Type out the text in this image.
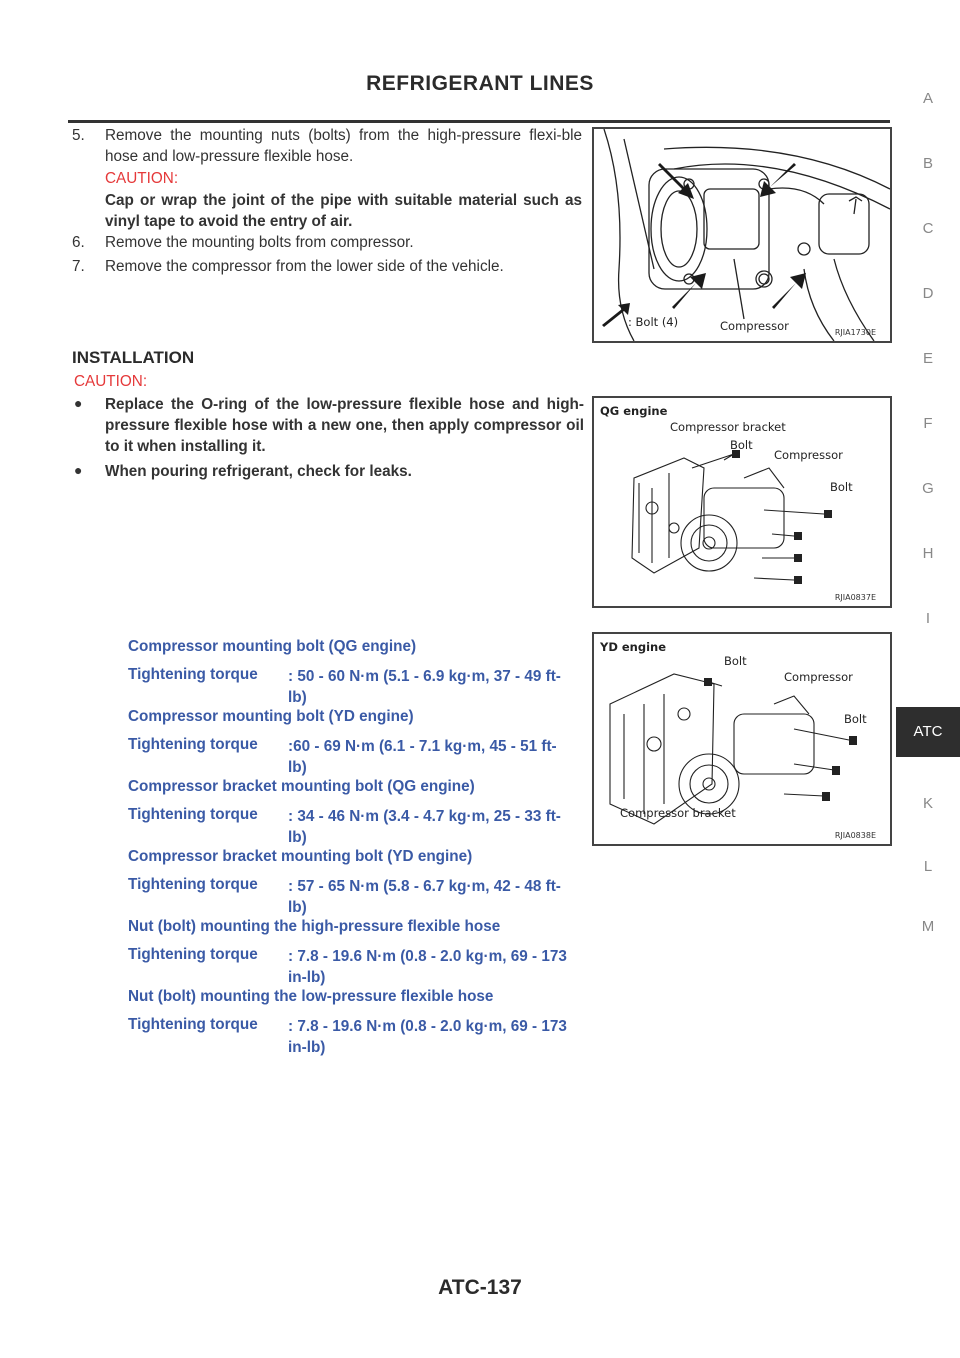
REFRIGERANT LINES
5.	Remove the mounting nuts (bolts) from the high-pressure flexi-ble hose and low-pressure flexible hose.
CAUTION:
Cap or wrap the joint of the pipe with suitable material such as vinyl tape to avoid the entry of air.
6.	Remove the mounting bolts from compressor.
7.	Remove the compressor from the lower side of the vehicle.
: Bolt (4)	Compressor	RJIA1730E
INSTALLATION
CAUTION:
●	Replace the O-ring of the low-pressure flexible hose and high-pressure flexible hose with a new one, then apply compressor oil to it when installing it.
●	When pouring refrigerant, check for leaks.
QG engine
Compressor bracket
Bolt
Compressor
Bolt
RJIA0837E
YD engine
Bolt
Compressor
Bolt
Compressor bracket
RJIA0838E
Compressor mounting bolt (QG engine)
Tightening torque : 50 - 60 N·m (5.1 - 6.9 kg·m, 37 - 49 ft-lb)
Compressor mounting bolt (YD engine)
Tightening torque :60 - 69 N·m (6.1 - 7.1 kg·m, 45 - 51 ft-lb)
Compressor bracket mounting bolt (QG engine)
Tightening torque : 34 - 46 N·m (3.4 - 4.7 kg·m, 25 - 33 ft-lb)
Compressor bracket mounting bolt (YD engine)
Tightening torque : 57 - 65 N·m (5.8 - 6.7 kg·m, 42 - 48 ft-lb)
Nut (bolt) mounting the high-pressure flexible hose
Tightening torque : 7.8 - 19.6 N·m (0.8 - 2.0 kg·m, 69 - 173 in-lb)
Nut (bolt) mounting the low-pressure flexible hose
Tightening torque : 7.8 - 19.6 N·m (0.8 - 2.0 kg·m, 69 - 173 in-lb)
A
B
C
D
E
F
G
H
I
ATC
K
L
M
ATC-137
